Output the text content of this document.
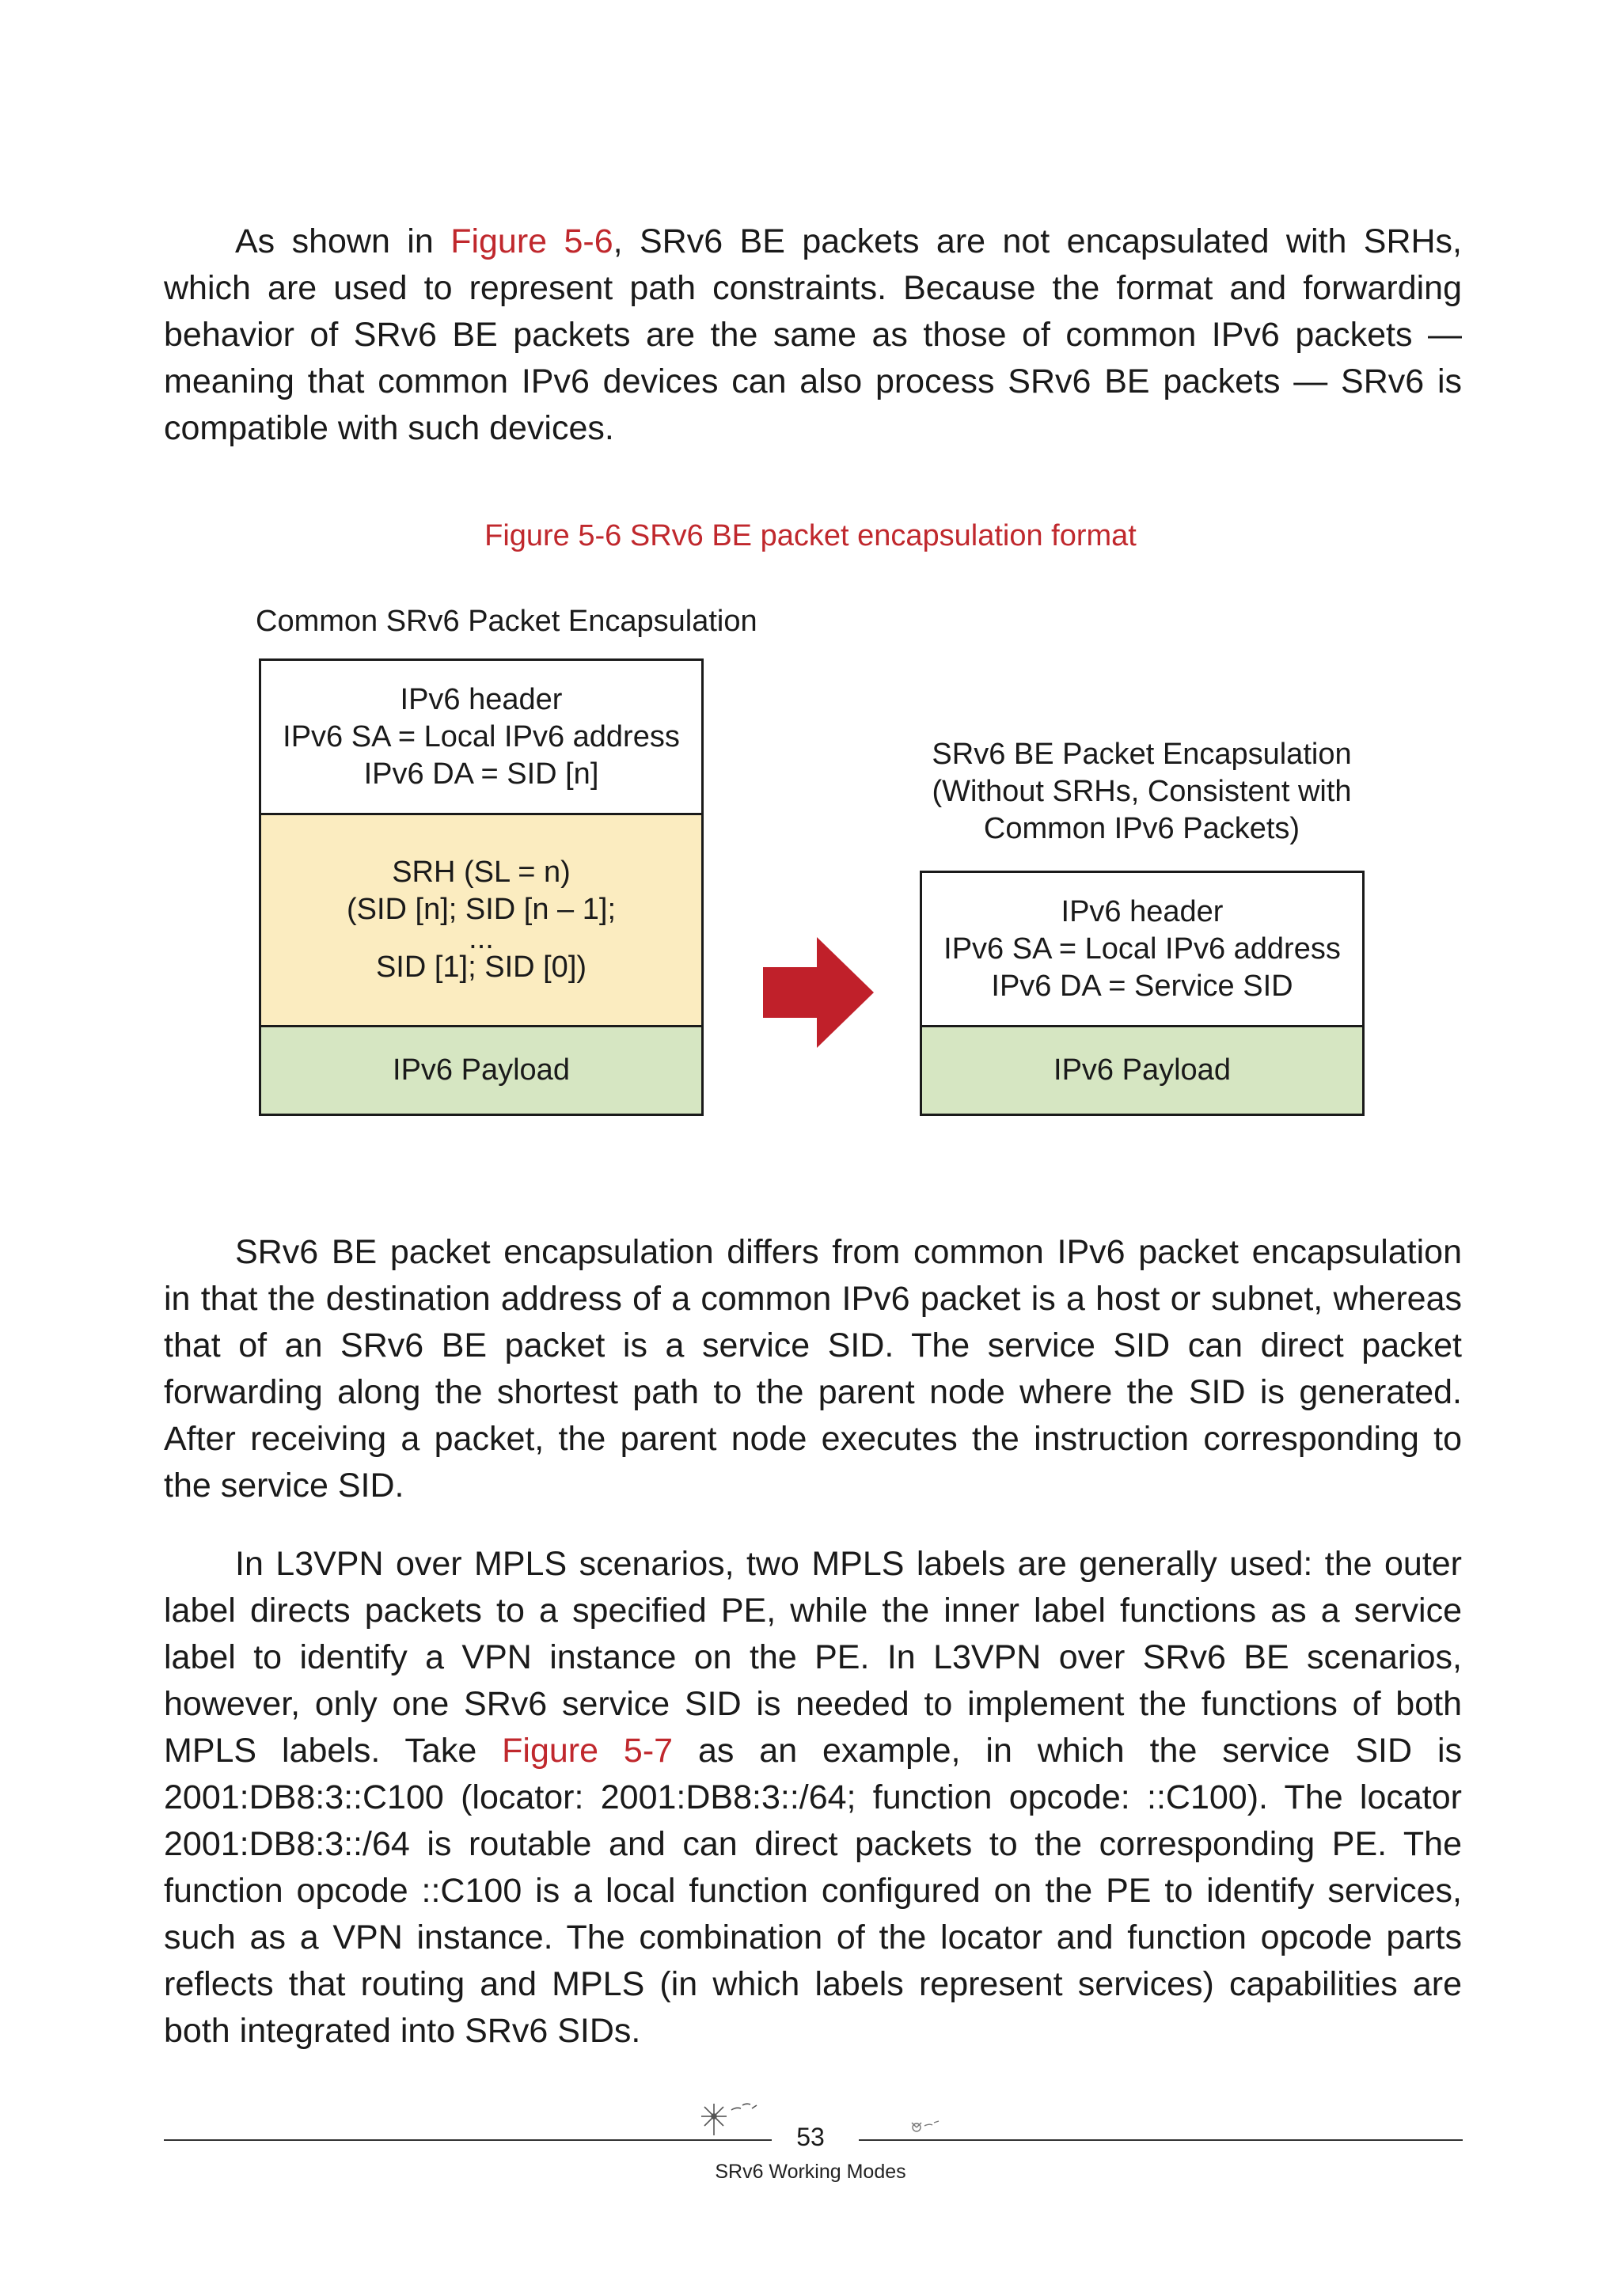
As shown in Figure 5-6, SRv6 BE packets are not encapsulated with SRHs, which are used to represent path constraints. Because the format and forwarding behavior of SRv6 BE packets are the same as those of common IPv6 packets — meaning that common IPv6 devices can also process SRv6 BE packets — SRv6 is compatible with such devices.

Figure 5-6 SRv6 BE packet encapsulation format
Common SRv6 Packet Encapsulation
IPv6 header
IPv6 SA = Local IPv6 address
IPv6 DA = SID [n]
SRH (SL = n)
(SID [n]; SID [n – 1];
...
SID [1]; SID [0])
IPv6 Payload
SRv6 BE Packet Encapsulation
(Without SRHs, Consistent with
Common IPv6 Packets)
IPv6 header
IPv6 SA = Local IPv6 address
IPv6 DA = Service SID
IPv6 Payload

SRv6 BE packet encapsulation differs from common IPv6 packet encapsulation in that the destination address of a common IPv6 packet is a host or subnet, whereas that of an SRv6 BE packet is a service SID. The service SID can direct packet forwarding along the shortest path to the parent node where the SID is generated. After receiving a packet, the parent node executes the instruction corresponding to the service SID.

In L3VPN over MPLS scenarios, two MPLS labels are generally used: the outer label directs packets to a specified PE, while the inner label functions as a service label to identify a VPN instance on the PE. In L3VPN over SRv6 BE scenarios, however, only one SRv6 service SID is needed to implement the functions of both MPLS labels. Take Figure 5-7 as an example, in which the service SID is 2001:DB8:3::C100 (locator: 2001:DB8:3::/64; function opcode: ::C100). The locator 2001:DB8:3::/64 is routable and can direct packets to the corresponding PE. The function opcode ::C100 is a local function configured on the PE to identify services, such as a VPN instance. The combination of the locator and function opcode parts reflects that routing and MPLS (in which labels represent services) capabilities are both integrated into SRv6 SIDs.

53
SRv6 Working Modes
